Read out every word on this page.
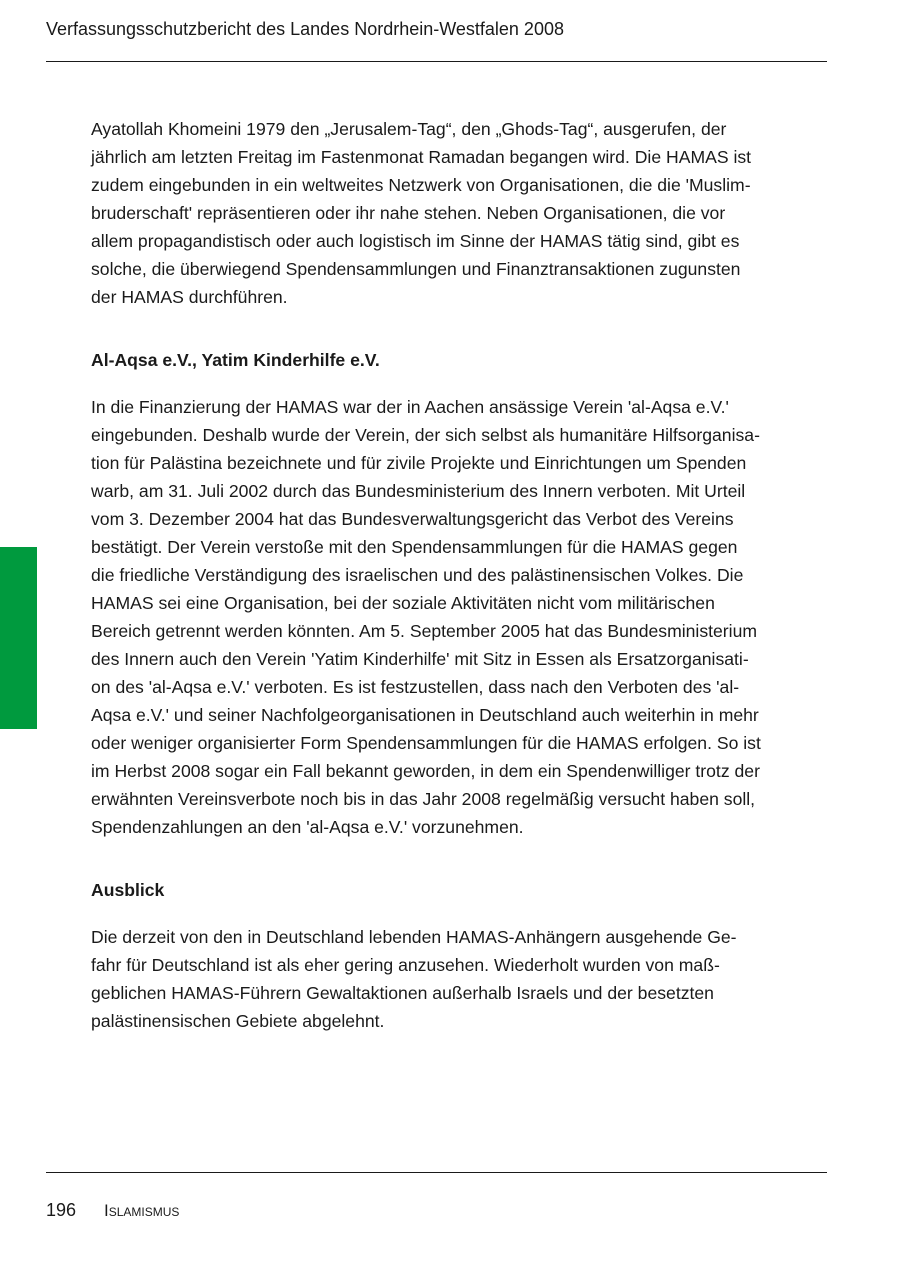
Verfassungsschutzbericht des Landes Nordrhein-Westfalen 2008

Ayatollah Khomeini 1979 den „Jerusalem-Tag“, den „Ghods-Tag“, ausgerufen, der
jährlich am letzten Freitag im Fastenmonat Ramadan begangen wird. Die HAMAS ist
zudem eingebunden in ein weltweites Netzwerk von Organisationen, die die 'Muslim-
bruderschaft' repräsentieren oder ihr nahe stehen. Neben Organisationen, die vor
allem propagandistisch oder auch logistisch im Sinne der HAMAS tätig sind, gibt es
solche, die überwiegend Spendensammlungen und Finanztransaktionen zugunsten
der HAMAS durchführen.

Al-Aqsa e.V., Yatim Kinderhilfe e.V.

In die Finanzierung der HAMAS war der in Aachen ansässige Verein 'al-Aqsa e.V.'
eingebunden. Deshalb wurde der Verein, der sich selbst als humanitäre Hilfsorganisa-
tion für Palästina bezeichnete und für zivile Projekte und Einrichtungen um Spenden
warb, am 31. Juli 2002 durch das Bundesministerium des Innern verboten. Mit Urteil
vom 3. Dezember 2004 hat das Bundesverwaltungsgericht das Verbot des Vereins
bestätigt. Der Verein verstoße mit den Spendensammlungen für die HAMAS gegen
die friedliche Verständigung des israelischen und des palästinensischen Volkes. Die
HAMAS sei eine Organisation, bei der soziale Aktivitäten nicht vom militärischen
Bereich getrennt werden könnten. Am 5. September 2005 hat das Bundesministerium
des Innern auch den Verein 'Yatim Kinderhilfe' mit Sitz in Essen als Ersatzorganisati-
on des 'al-Aqsa e.V.' verboten. Es ist festzustellen, dass nach den Verboten des 'al-
Aqsa e.V.' und seiner Nachfolgeorganisationen in Deutschland auch weiterhin in mehr
oder weniger organisierter Form Spendensammlungen für die HAMAS erfolgen. So ist
im Herbst 2008 sogar ein Fall bekannt geworden, in dem ein Spendenwilliger trotz der
erwähnten Vereinsverbote noch bis in das Jahr 2008 regelmäßig versucht haben soll,
Spendenzahlungen an den 'al-Aqsa e.V.' vorzunehmen.

Ausblick

Die derzeit von den in Deutschland lebenden HAMAS-Anhängern ausgehende Ge-
fahr für Deutschland ist als eher gering anzusehen. Wiederholt wurden von maß-
geblichen HAMAS-Führern Gewaltaktionen außerhalb Israels und der besetzten
palästinensischen Gebiete abgelehnt.

196 Islamismus
